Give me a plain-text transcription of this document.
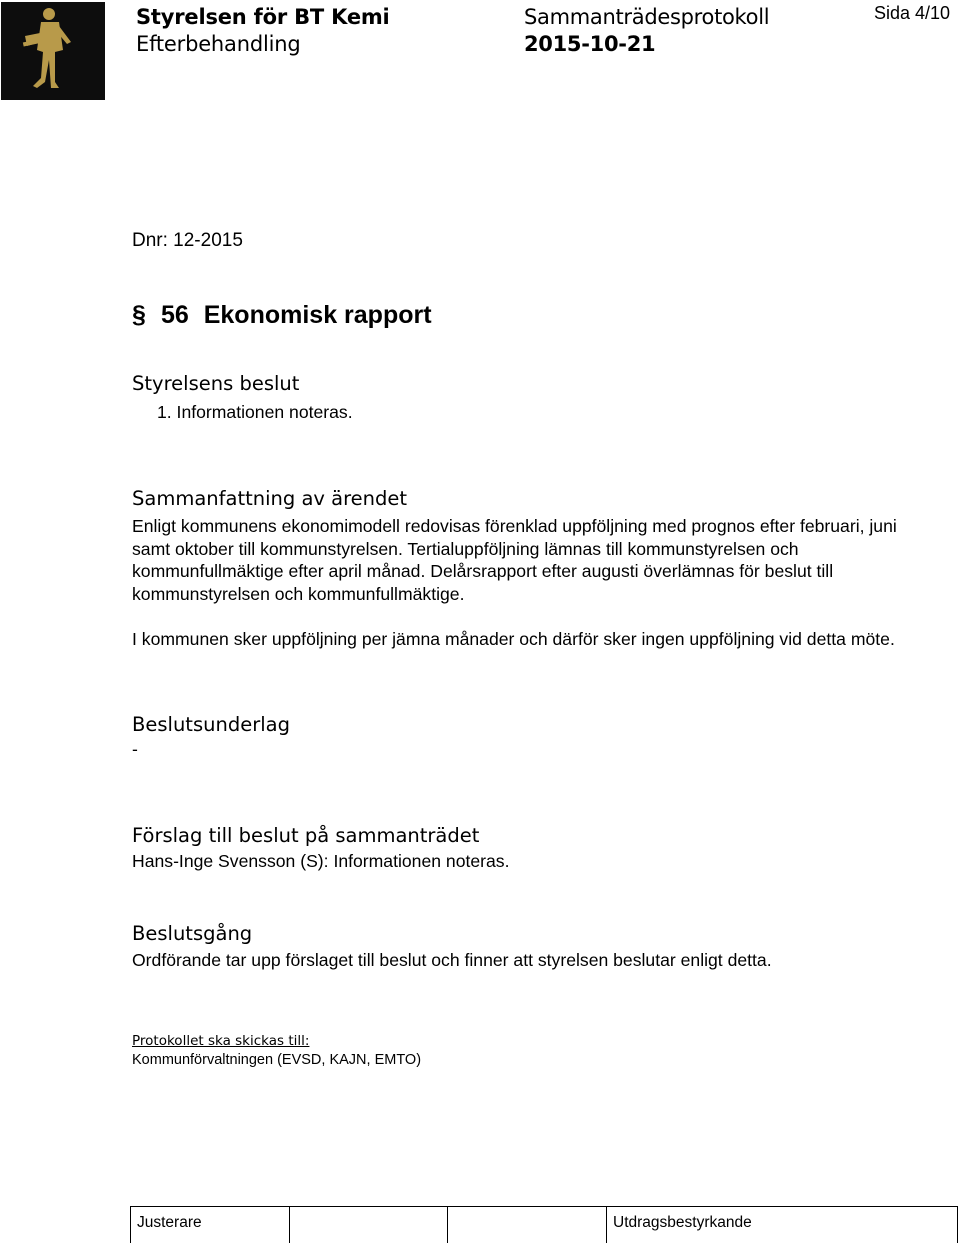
Styrelsen för BT Kemi
Efterbehandling
Sammanträdesprotokoll
2015-10-21
Sida 4/10
Dnr: 12-2015
§ 56 Ekonomisk rapport
Styrelsens beslut
1. Informationen noteras.
Sammanfattning av ärendet
Enligt kommunens ekonomimodell redovisas förenklad uppföljning med prognos efter februari, juni samt oktober till kommunstyrelsen. Tertialuppföljning lämnas till kommunstyrelsen och kommunfullmäktige efter april månad. Delårsrapport efter augusti överlämnas för beslut till kommunstyrelsen och kommunfullmäktige.
I kommunen sker uppföljning per jämna månader och därför sker ingen uppföljning vid detta möte.
Beslutsunderlag
-
Förslag till beslut på sammanträdet
Hans-Inge Svensson (S): Informationen noteras.
Beslutsgång
Ordförande tar upp förslaget till beslut och finner att styrelsen beslutar enligt detta.
Protokollet ska skickas till:
Kommunförvaltningen (EVSD, KAJN, EMTO)
Justerare	Utdragsbestyrkande
